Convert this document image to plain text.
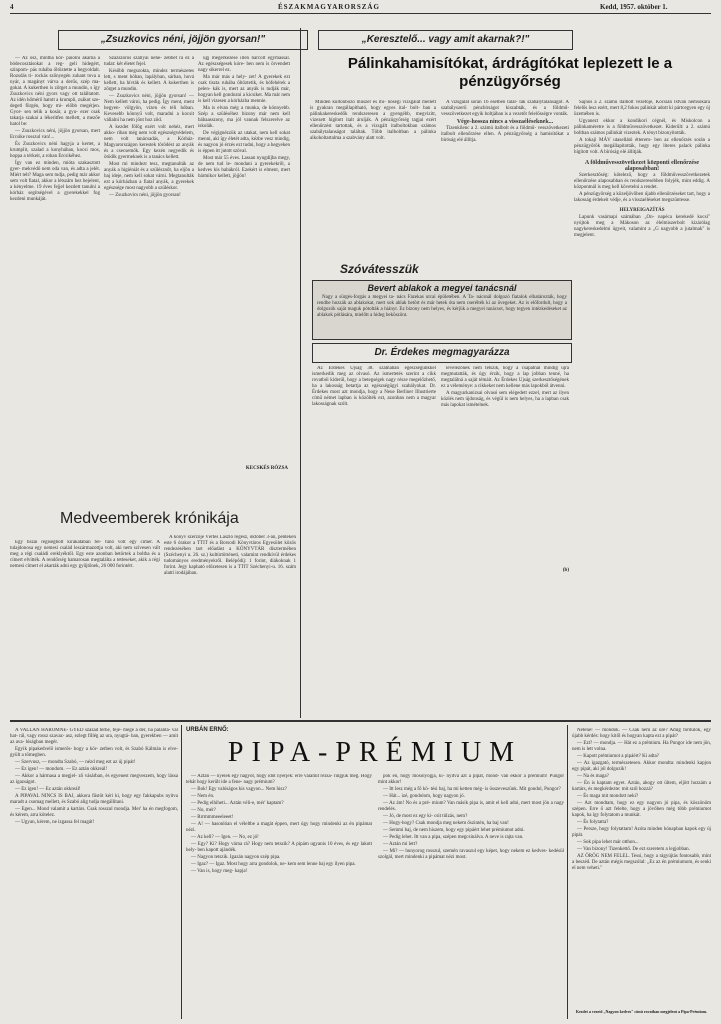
4	ÉSZAKMAGYARORSZÁG	Kedd, 1957. október 1.
„Zsuzkovics néni, jöjjön gyorsan!"

— Az ösz, mintha kor- páiolni akarná a bódecosztásokat a reg- geli hidegért, szinpom- pás ruhába öltöztette a hegyoldalt. Rozsdás ti- rockás szőnyegén zuhant tova a nyár, a magányt várva a derűs, szép ma- gokat. A kukerthen is zörget a mundin, s így Zsuzkovics néni gyors vagy ott találtatott. Az idén hőmérő hatott a krumpli, zsákot sze- degetl fürgén, hogy mi- előbb megérjen. Gyor- sen telik a kosár, a gyu- ezer csak takarja szakai a lékeritfen mellett, a mezőe hatol be:

— Zsuzkovics néni, jöjjön gyorsan, mert Ercsike rosszul van!...

És Zsuzkovics néni hagyja a kertet, a krumplit, szalad a konyhában, kocsi mos, hoppa a térkeit, a rohan Ercsikéhez.

Így van ez minden, mióta szakasztott gyer- mekvédő nem oda van, és adta a jelét. Miért telt? Maga sem tudja, pedig már akkor sem volt fiatal, akkor a létszám hez bejelent, a kényelme. 19 éves fejjel kezdett tanulni a kórház segítségével a gyerekekkel fog kezdeni munkáját.

Százszoros szállyai nehe- zebbet rá ez a tudat: két életet fejel.

Később megszokta, mindez természetes lett, s ment hóban, lapályban, sárban, hová kellett, ha hívták és kellett. A kukerthen is zörget a mundin.

— Zsuzkovics néni, jöjjön gyorsan! — Nem kellett várni, ha pedig. Így ment, ment hegyen- völgyön, vízen és téli hóban. Kevesebb könnyű volt, maradni a kocsit vállalni ha nem jönt hoz ződ.

A kezdet fölög ezért volt nehéz, mert akko- riban még nem volt egészségvédelem, nem volt tanácsadás, a Kórház-Magyarországon kerestek törödést az anyák és a csecsemők. Egy kezén negyedik és ötödik gyermeknek is a tanács kellett.

Most mi mindezt tesz, megtanulták az anyák a higiéniát és a szülésznőt, ha eljön a baj ideje, nem kell sokat várni. Megtanulták ezt a kórházban a fiatal anyák, a gyerekek egészsége most nagyobb a szüléskor.

— Zsuzkovics néni, jöjjön gyorsan!

ugj megérkezése illen harcolt egymással. Az egészségesek kóre- ben nem is örvendett nagy sikerrel ez.

Ma már más a hely- zet! A gyerekek ezt csak tiszta ruhába öltöztetik, és hófehérek a pelen- kák is, mert az anyák is tudják már, hogyan kell gondozni a kicsiket. Ma már nem is kell vizesen a kórházba mennie.

Ma is elvan még a munka, de könnyebb. Szép a szüléséhez bizony már nem kell bábaasszony, ma jól vannak felszerelve az iskolák.

De végignézzük az utakat, nem kell sokat menni, aki így életét adta, kézbe vesz mindig, és nagyon jó érzés ezt tudni, hogy a hegyeken is éppen itt jutott szóval.

Most már 55 éves. Lassan nyugdíjba megy, de nem tud le- mondani a gyerekekről, a kedves kis babákról. Ezekért is elment, mert bármikor kellett, jöjjön!

KECSKÉS RÓZSA
Medveemberek krónikája

Egy tiszai régiségbolt kirakatában fel- tűnő volt egy címer. A tulajdonosa egy nemesi család leszármazottja volt, aki nem szívesen vált meg a régi családi ereklyéktől. Egy este azonban betörtek a boltba és a címert elvitték. A rendőrség hamarosan megtalálta a tetteseket, akik a régi nemesi címert el akarták adni egy gyűjtőnek, 26 000 forintért.

A könyv szerzője Vértes László régész, október 3-án, pénteken este 6 órakor a TTIT és a Borsodi Könyvtáros Egyesület közös rendezésében tart előadást a KÖNYVTÁR dísztermében (Széchenyi u. 26. sz.) kultúrtörténeti, valamint rendkívül érdekes tudományos eredményekről. Belépődíj: 1 forint, diákoknak 1 forint. Jegy kapható előzetesen is a TTIT Széchenyi-u. 16. szám alatti irodájában.

„Keresztelő... vagy amit akarnak?!"
Pálinkahamisítókat, árdrágítókat leplezett le a pénzügyőrség

Minden kültönböző műszer és mi- nőségi vizsgálat mellett is gyakran megállapítható, hogy egyes ital- bolt- ban a pálinkakereskedők rendszeresen a gyengébb, megvizitt, vizezett hígított italt árulják. A pénzügyőrség tagjai ezért ellenőrzést tartottak, és a vizsgált italboltokban számos szabálytalanságot találtak. Több italboltban a pálinka alkoholtartalma a szabvány alatt volt.

A vizsgálat során 16 esetben talál- tak szabálytalanságot. A szabályszerű pénzbírságot kiszabták, és a földmű- vesszövetkezet egyik boltjában is a vezetőt felelősségre vonták.

Vége-hossza nincs a visszaéléseknek...

Tizenkilenc a 2. számú italbolt és a földmű- vesszövetkezeti italbolt ellenőrzése ellen. A pénzügyőrség a hamisítókat a bíróság elé állítja.

Sajnos a 2. számú italbolt vezetője, Kócsián István nemsokára felelős lesz ezért, mert 8,2 fokos pálinkát adott ki pártcegyen egy új üzemében is.

Ugyanezt ekkor a kondikori cégnél, és Miskolcon a pálinkaméretre is a földművesszövetkezet. Kiderült: a 2. számú boltban számos pálinkát vizeztek. A tényt bizonyították.

A tokaji MÁV utasellátó étterem- ben az ellenőrzés során a pénzügyőrök megállapították, hogy egy literes palack pálinka hígított volt. A bíróság elé állítják.

A földművesszövetkezet központi ellenőrzése alaposabban!

Szerkesztőség: kötelező, hogy a földművesszövetkezetek ellenőrzése alaposabban és rendszeresebben folyjék, mint eddig. A központnál is meg kell követelni a rendet.

A pénzügyőrség a közeljövőben újabb ellenőrzéseket tart, hogy a lakosság érdekeit védje, és a visszaéléseket megszüntesse.

HELYREIGAZÍTÁS

Lapunk vasárnapi számában „On- napéca kerekedé kocsi" nyújtok meg a Mákoson az élelmiszerbolt kizárólag nagykereskedelmi ügyeit, valamint a „G nagyobb a jutalmak" is megjelent.

Szóvátesszük
Bevert ablakok a megyei tanácsnál

Nagy a sürgés-forgás a megyei ta- nács Fazekas utcai épületében. A Ta- nácsnál dolgozó fiatalok elhatározták, hogy rendbe hozzák az ablakokat, mert sok ablak betört és már hetek óta nem cserélték ki az üvegeket. Az is előfordult, hogy a dolgozók saját maguk pótolták a hiányt. Ez bizony nem helyes, és kérjük a megyei tanácsot, hogy tegyen intézkedéseket az ablakok pótlására, mielőtt a hideg beköszönt.

Dr. Érdekes megmagyarázza

Az Érdekes Ujság 38. számában egészségünkkel ismerkedik meg az olvasó. Az ismertetés szerint a cikk rovatból kiderül, hogy a betegségek nagy része megelőzhető, ha a lakosság betartja az egészségügyi szabályokat. Dr. Érdekes most azt mondja, hogy a Neue Berliner Illustrierte című német lapban is közölték ezt, azonban nem a magyar lakosságnak szólt.

lévelezőnek nem tetszik, hogy a csapatnál mindig újra megmutatták, és úgy érzik, hogy a lap jobban tenné, ha megtalálná a saját témáit. Az Érdekes Ujság szerkesztőségének ez a véleménye: a cikkeket nem kellene más lapokból átvenni.

A magyarkanizsai olvasó sem elégedett ezzel, mert az ilyen közlés nem újdonság, és végül is nem helyes, ha a lapban csak más lapokat ismételnek.

(b)

A VALLÁN HÁROMNE- GYED század terhe, fejé- mege a dér, ha palánta- val hat- rál, vagy rossz szavaz- asz, ezlegt fillég az ura, nyugtá- ban, gyerekben — amit az ava- lóságban megér.

Egyik pipakedvelő ismerős- hogy a kör- zetben volt, és Szabó Kálmán is elve- gyült a tömegben.

— Szervusz, — mondta Szabó, — nézd meg ezt az új pipát!

— Ez igen! — mondom. — Ez aztán okkreál!

— Akkor a hármasa a megjel- ző vásárban, és egyenest megveszem, hogy lássa az igazságot.

— Ez igen! — Ez aztán okkreál!

A PIPAVAL NINCS IS BAJ, akkora füstöt kéri ki, hogy egy fakkapubs nyitva maradt a csomag mellett, és Szabó alig tudja megállítani.

— Egen... Mond valamit a kartárs. Csak rosszul mondja. Mer' ha én megfogom, és kérem, arra kötelez.

— Ugyan, kérem, ne izgassa fel magát!

URBÁN ERNŐ:
PIPA-PRÉMIUM

— Aztán — nyelek egy nagyot, hogy idót nyerjek: erre valamit rézsa- ringjuk meg. Hogy tehát hogy került ide a fene- nagy prémium?

— Bok! Egy valóságos kis vagyon... Nem hisz?

— Nem én.

— Pedig elhiheti... Aztán véli-e, mér' kaptam?

— No, mér?

— Rrrmmmeeeleeet!

— A! — hasonlóan el véleltbe a magát éppen, mert úgy hogy mindenki az én pipámat nézi.

— Az kell? — Igen. — No, ez jó!

— Egy? Ki? Hogy várna rá? Hogy nem tetszik? A pipám ugyanis 10 éves, és egy lakott hely- ben kapott ajándék.

— Nagyon tetszik. Igazán nagyon szép pipa.

— Igaz? — Igaz. Most hogy arra gondolok, ne- kem sem lenne baj egy ilyen pipa.

— Van is, hogy meg- kapja!

pok én, hogy mosolyogja, ki- nyitva azt a pipát, mond- ván ekkor a prémium! Pungor mint akkor!

— Itt lesz még a fő kö- tési baj, ha mi ketten még- is összeveszünk. Mit gondol, Pungor?

— Hát... izé, gondolom, hogy nagyon jó.

— Az ám! No és a pré- mium? Van másik pipa is, amit el kell adni, mert most jön a nagy rendelés.

— Jó, de most ez egy ki- csit túlzás, nem?

— Hogy-hogy? Csak mondja meg nekem őszintén, ha baj van!

— Semmi baj, de nem hiszem, hogy egy pipáért lehet prémiumot adni.

— Pedig lehet. Itt van a pipa, szépen megcsinálva. A neve is rajta van.

— Aztán mi lett?

— Mi? — hunyorog rosszul, szemén ravaszul egy képet, hogy nekem ez kedves- kedésül szolgál, mert mindenki a pipámat nézi most.

Netene! — mondok. — Csak nem az úré? Amíg fordulok, egy újabb kérdés: hogy kitől és hogyan kapta ezt a pipát?

— Ezt? — mondja. — Hát ez a prémium. Ha Pungor ide nem jön, nem is lett volna.

— Kapott prémiumot a pipáért? Ki adta?

— Az igazgató, természetesen. Akkor mondta: mindenki kapjon egy pipát, aki jól dolgozik!

— Na és maga?

— Én is kaptam egyet. Aztán, ahogy ott ültem, eljött hozzám a kartárs, és megkérdezte: mit szól hozzá?

— És maga mit mondott neki?

— Azt mondtam, hogy ez egy nagyon jó pipa, és köszönöm szépen. Erre ő azt felelte, hogy a jövőben még több prémiumot kapok, ha így folytatom a munkát.

— És folytatta?

— Persze, hogy folytattam! Azóta minden hónapban kapok egy új pipát.

— Sok pipa lehet már otthon...

— Van bizony! Tizenkettő. De ezt szeretem a legjobban.

AZ ÖRÖG NEM FELEL. Tessi, hogy a rágyújtás fontosabb, mint a beszéd. De aztán mégis megszólal: „Ez az én prémiumom, és senki el nem veheti."

Kezdet a vezető „Nagyon kedves" címü rovatban megjelent a Pipa-Prémium.
